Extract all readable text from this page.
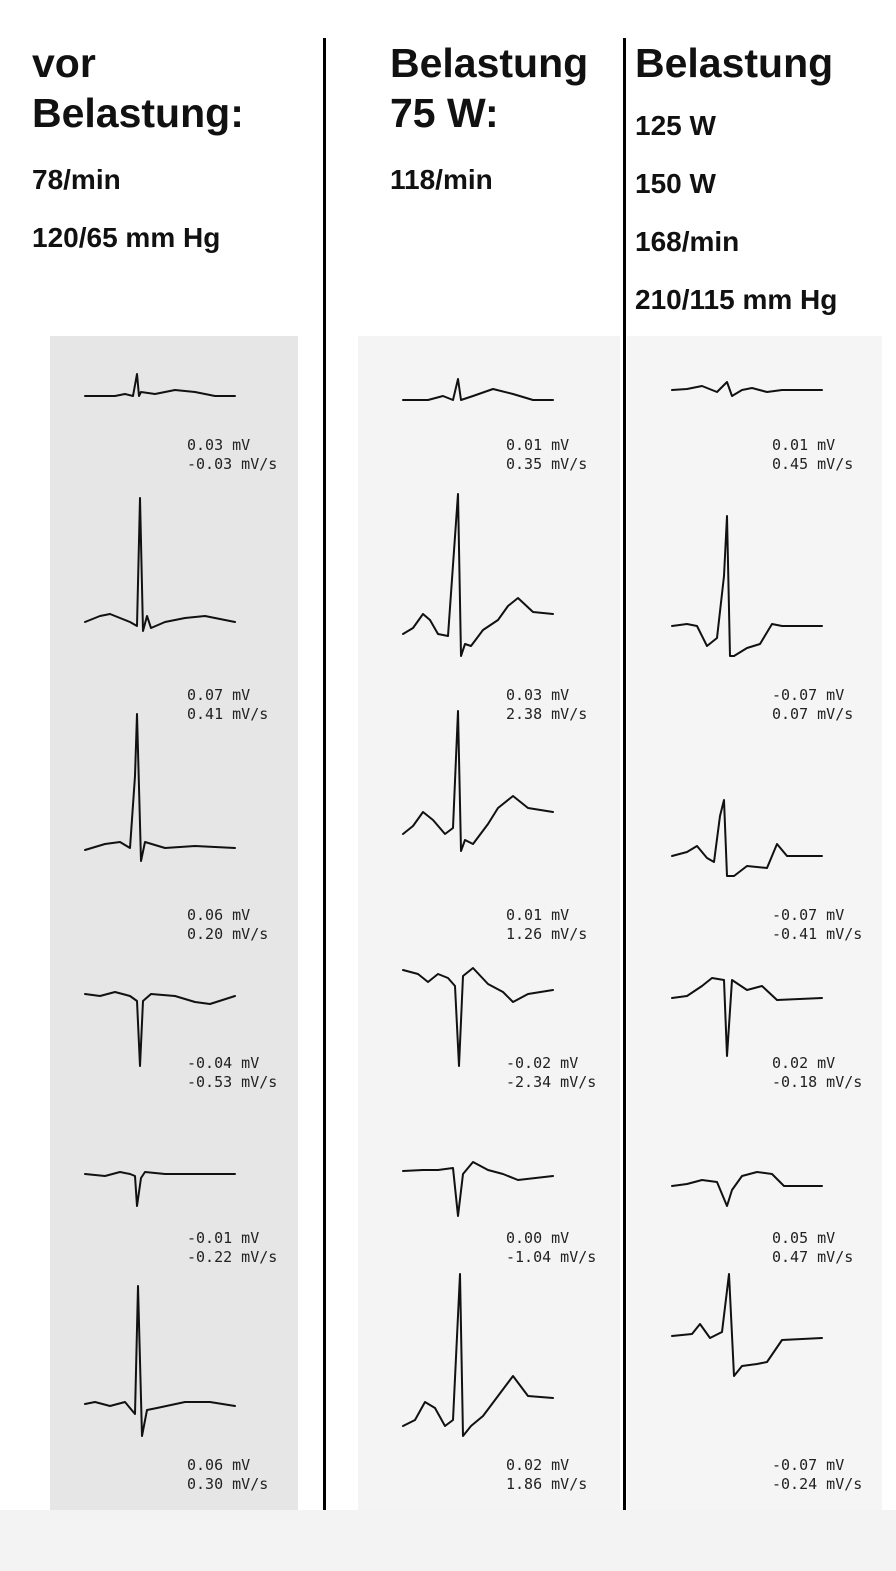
vor
Belastung:
78/min
120/65 mm Hg
Belastung
75 W:
118/min
Belastung
125 W
150 W
168/min
210/115 mm Hg
0.03 mV
-0.03 mV/s
0.07 mV
0.41 mV/s
0.06 mV
0.20 mV/s
-0.04 mV
-0.53 mV/s
-0.01 mV
-0.22 mV/s
0.06 mV
0.30 mV/s
0.01 mV
0.35 mV/s
0.03 mV
2.38 mV/s
0.01 mV
1.26 mV/s
-0.02 mV
-2.34 mV/s
0.00 mV
-1.04 mV/s
0.02 mV
1.86 mV/s
0.01 mV
0.45 mV/s
-0.07 mV
0.07 mV/s
-0.07 mV
-0.41 mV/s
0.02 mV
-0.18 mV/s
0.05 mV
0.47 mV/s
-0.07 mV
-0.24 mV/s
